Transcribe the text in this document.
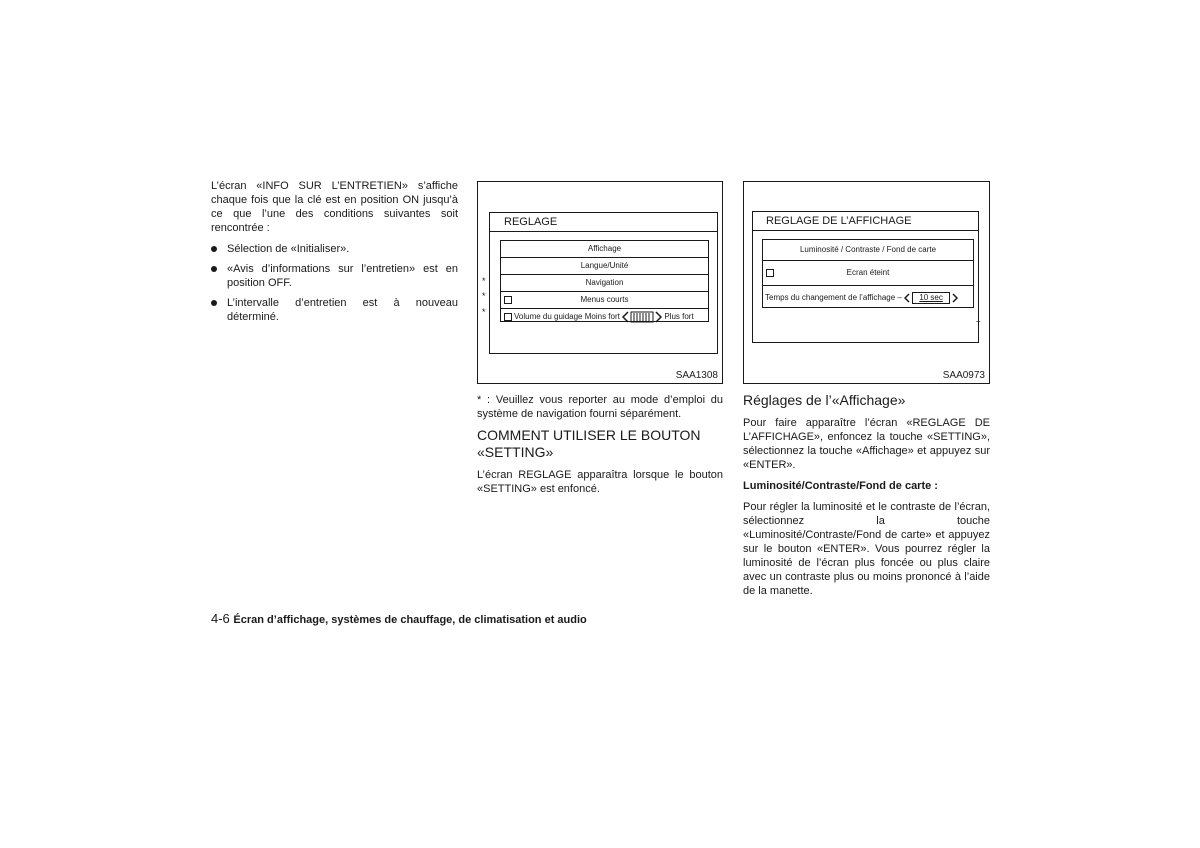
L’écran «INFO SUR L’ENTRETIEN» s’affiche chaque fois que la clé est en position ON jusqu’à ce que l’une des conditions suivantes soit rencontrée :

Sélection de «Initialiser».
«Avis d’informations sur l’entretien» est en position OFF.
L’intervalle d’entretien est à nouveau déterminé.
REGLAGE
Affichage
Langue/Unité
Navigation
Menus courts
Volume du guidage Moins fort	Plus fort
*
*
*
SAA1308
REGLAGE DE L’AFFICHAGE
Luminosité / Contraste / Fond de carte
Ecran éteint
Temps du changement de l’affichage – 10 sec
+
SAA0973

* : Veuillez vous reporter au mode d’emploi du système de navigation fourni séparément.

COMMENT UTILISER LE BOUTON «SETTING»

L’écran REGLAGE apparaîtra lorsque le bouton «SETTING» est enfoncé.

Réglages de l’«Affichage»

Pour faire apparaître l’écran «REGLAGE DE L’AFFICHAGE», enfoncez la touche «SETTING», sélectionnez la touche «Affichage» et appuyez sur «ENTER».

Luminosité/Contraste/Fond de carte :

Pour régler la luminosité et le contraste de l’écran, sélectionnez la touche «Luminosité/Contraste/Fond de carte» et appuyez sur le bouton «ENTER». Vous pourrez régler la luminosité de l’écran plus foncée ou plus claire avec un contraste plus ou moins prononcé à l’aide de la manette.

4-6 Écran d’affichage, systèmes de chauffage, de climatisation et audio
